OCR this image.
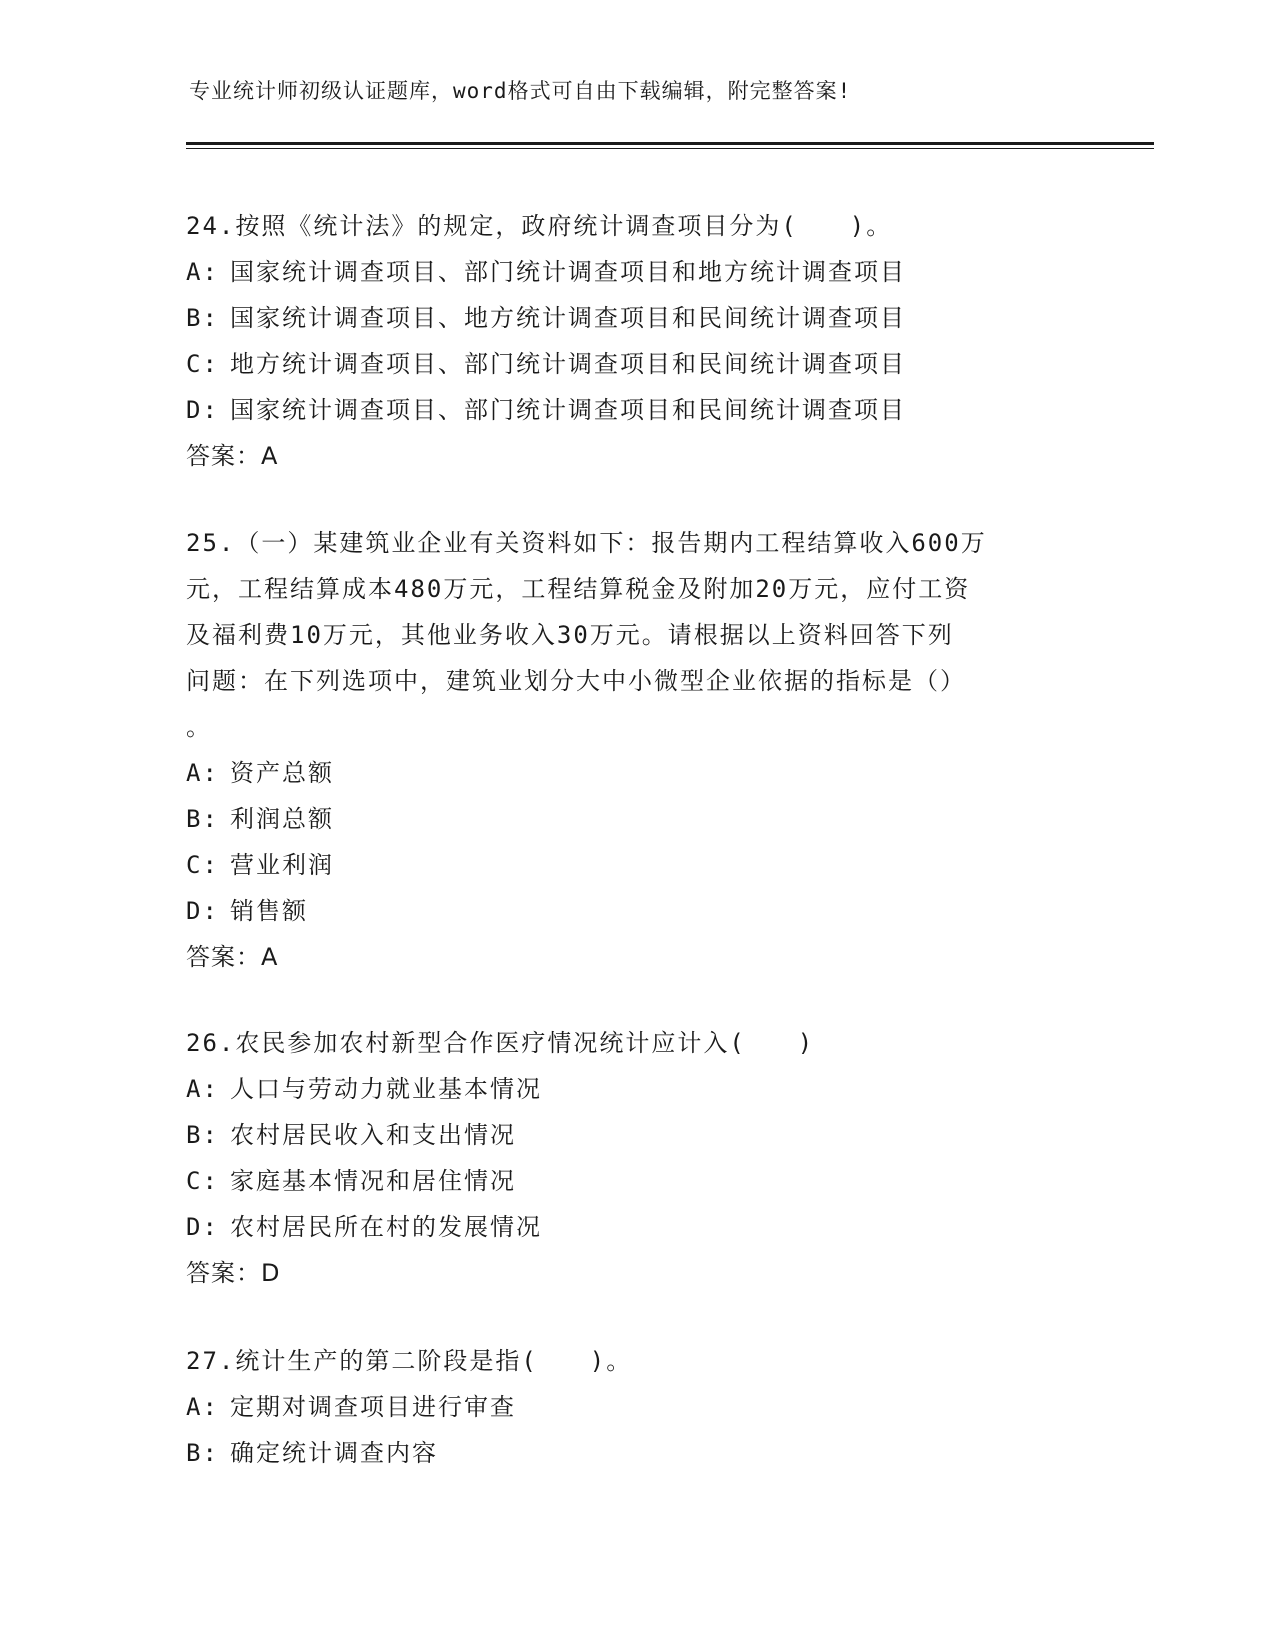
专业统计师初级认证题库，word格式可自由下载编辑，附完整答案!
24.按照《统计法》的规定，政府统计调查项目分为(　　)。
A: 国家统计调查项目、部门统计调查项目和地方统计调查项目
B: 国家统计调查项目、地方统计调查项目和民间统计调查项目
C: 地方统计调查项目、部门统计调查项目和民间统计调查项目
D: 国家统计调查项目、部门统计调查项目和民间统计调查项目
答案：A
25.（一）某建筑业企业有关资料如下：报告期内工程结算收入600万
元，工程结算成本480万元，工程结算税金及附加20万元，应付工资
及福利费10万元，其他业务收入30万元。请根据以上资料回答下列
问题：在下列选项中，建筑业划分大中小微型企业依据的指标是（）
。
A: 资产总额
B: 利润总额
C: 营业利润
D: 销售额
答案：A
26.农民参加农村新型合作医疗情况统计应计入(　　)
A: 人口与劳动力就业基本情况
B: 农村居民收入和支出情况
C: 家庭基本情况和居住情况
D: 农村居民所在村的发展情况
答案：D
27.统计生产的第二阶段是指(　　)。
A: 定期对调查项目进行审查
B: 确定统计调查内容
